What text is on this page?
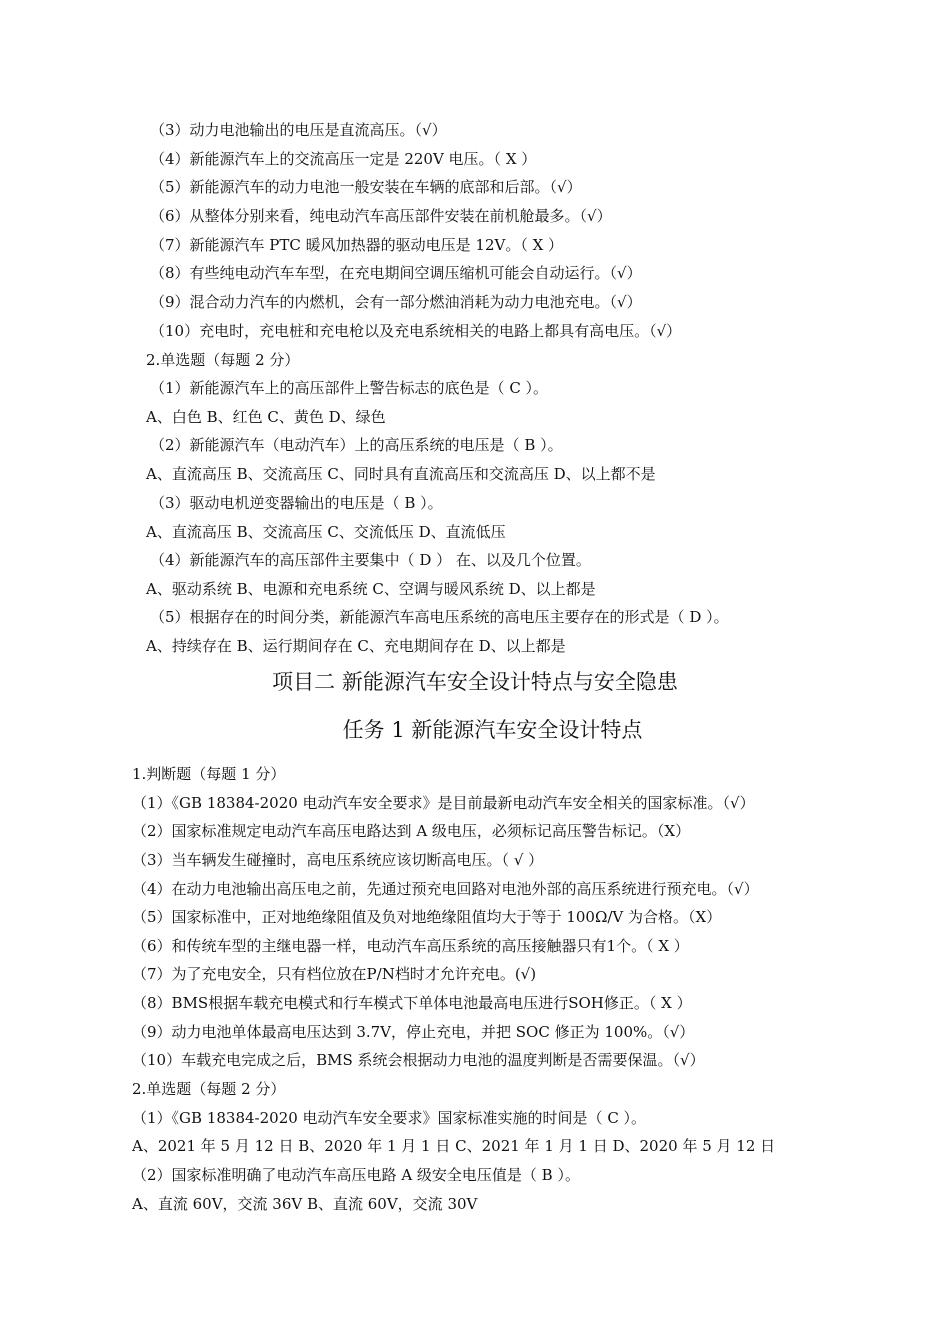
（3）动力电池输出的电压是直流高压。（√）
（4）新能源汽车上的交流高压一定是 220V 电压。（ X ）
（5）新能源汽车的动力电池一般安装在车辆的底部和后部。（√）
（6）从整体分别来看，纯电动汽车高压部件安装在前机舱最多。（√）
（7）新能源汽车 PTC 暖风加热器的驱动电压是 12V。（ X ）
（8）有些纯电动汽车车型，在充电期间空调压缩机可能会自动运行。（√）
（9）混合动力汽车的内燃机，会有一部分燃油消耗为动力电池充电。（√）
（10）充电时，充电桩和充电枪以及充电系统相关的电路上都具有高电压。（√）
2.单选题（每题 2 分）
（1）新能源汽车上的高压部件上警告标志的底色是（ C ）。
A、白色 B、红色 C、黄色 D、绿色
（2）新能源汽车（电动汽车）上的高压系统的电压是（ B ）。
A、直流高压 B、交流高压 C、同时具有直流高压和交流高压 D、以上都不是
（3）驱动电机逆变器输出的电压是（ B ）。
A、直流高压 B、交流高压 C、交流低压 D、直流低压
（4）新能源汽车的高压部件主要集中（ D ） 在、以及几个位置。
A、驱动系统 B、电源和充电系统 C、空调与暖风系统 D、以上都是
（5）根据存在的时间分类，新能源汽车高电压系统的高电压主要存在的形式是（ D ）。
A、持续存在 B、运行期间存在 C、充电期间存在 D、以上都是
项目二 新能源汽车安全设计特点与安全隐患
任务 1 新能源汽车安全设计特点
1.判断题（每题 1 分）
（1）《GB 18384-2020 电动汽车安全要求》是目前最新电动汽车安全相关的国家标准。（√）
（2）国家标准规定电动汽车高压电路达到 A 级电压，必须标记高压警告标记。（X）
（3）当车辆发生碰撞时，高电压系统应该切断高电压。（ √ ）
（4）在动力电池输出高压电之前，先通过预充电回路对电池外部的高压系统进行预充电。（√）
（5）国家标准中，正对地绝缘阻值及负对地绝缘阻值均大于等于 100Ω/V 为合格。（X）
（6）和传统车型的主继电器一样，电动汽车高压系统的高压接触器只有1个。（ X ）
（7）为了充电安全，只有档位放在P/N档时才允许充电。(√)
（8）BMS根据车载充电模式和行车模式下单体电池最高电压进行SOH修正。（ X ）
（9）动力电池单体最高电压达到 3.7V，停止充电，并把 SOC 修正为 100%。（√）
（10）车载充电完成之后，BMS 系统会根据动力电池的温度判断是否需要保温。（√）
2.单选题（每题 2 分）
（1）《GB 18384-2020 电动汽车安全要求》国家标准实施的时间是（ C ）。
A、2021 年 5 月 12 日 B、2020 年 1 月 1 日 C、2021 年 1 月 1 日 D、2020 年 5 月 12 日
（2）国家标准明确了电动汽车高压电路 A 级安全电压值是（ B ）。
A、直流 60V，交流 36V B、直流 60V，交流 30V
